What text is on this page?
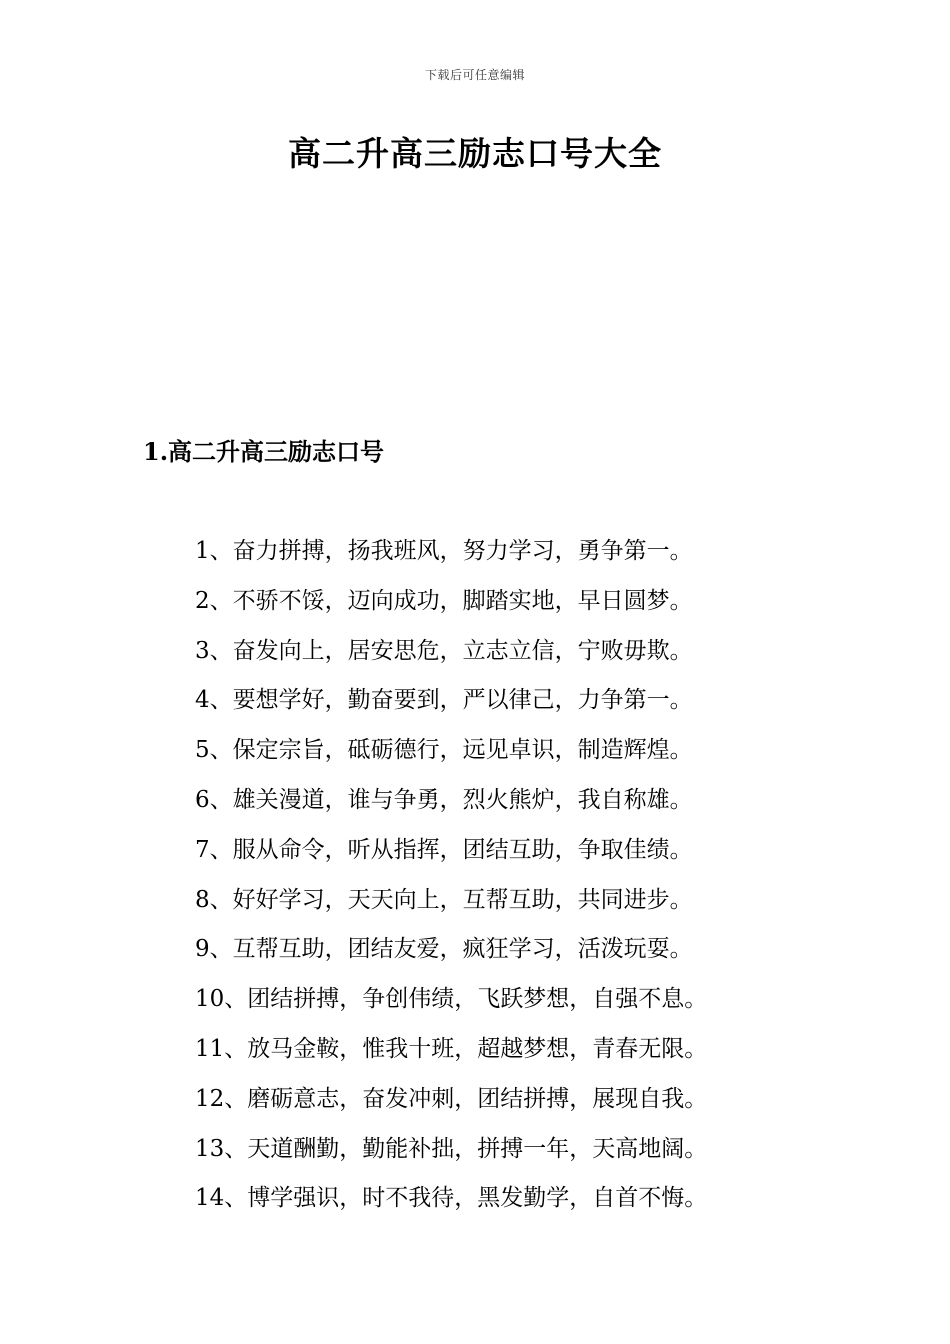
下载后可任意编辑
高二升高三励志口号大全
1.高二升高三励志口号
1、奋力拼搏，扬我班风，努力学习，勇争第一。
2、不骄不馁，迈向成功，脚踏实地，早日圆梦。
3、奋发向上，居安思危，立志立信，宁败毋欺。
4、要想学好，勤奋要到，严以律己，力争第一。
5、保定宗旨，砥砺德行，远见卓识，制造辉煌。
6、雄关漫道，谁与争勇，烈火熊炉，我自称雄。
7、服从命令，听从指挥，团结互助，争取佳绩。
8、好好学习，天天向上，互帮互助，共同进步。
9、互帮互助，团结友爱，疯狂学习，活泼玩耍。
10、团结拼搏，争创伟绩，飞跃梦想，自强不息。
11、放马金鞍，惟我十班，超越梦想，青春无限。
12、磨砺意志，奋发冲刺，团结拼搏，展现自我。
13、天道酬勤，勤能补拙，拼搏一年，天高地阔。
14、博学强识，时不我待，黑发勤学，自首不悔。
